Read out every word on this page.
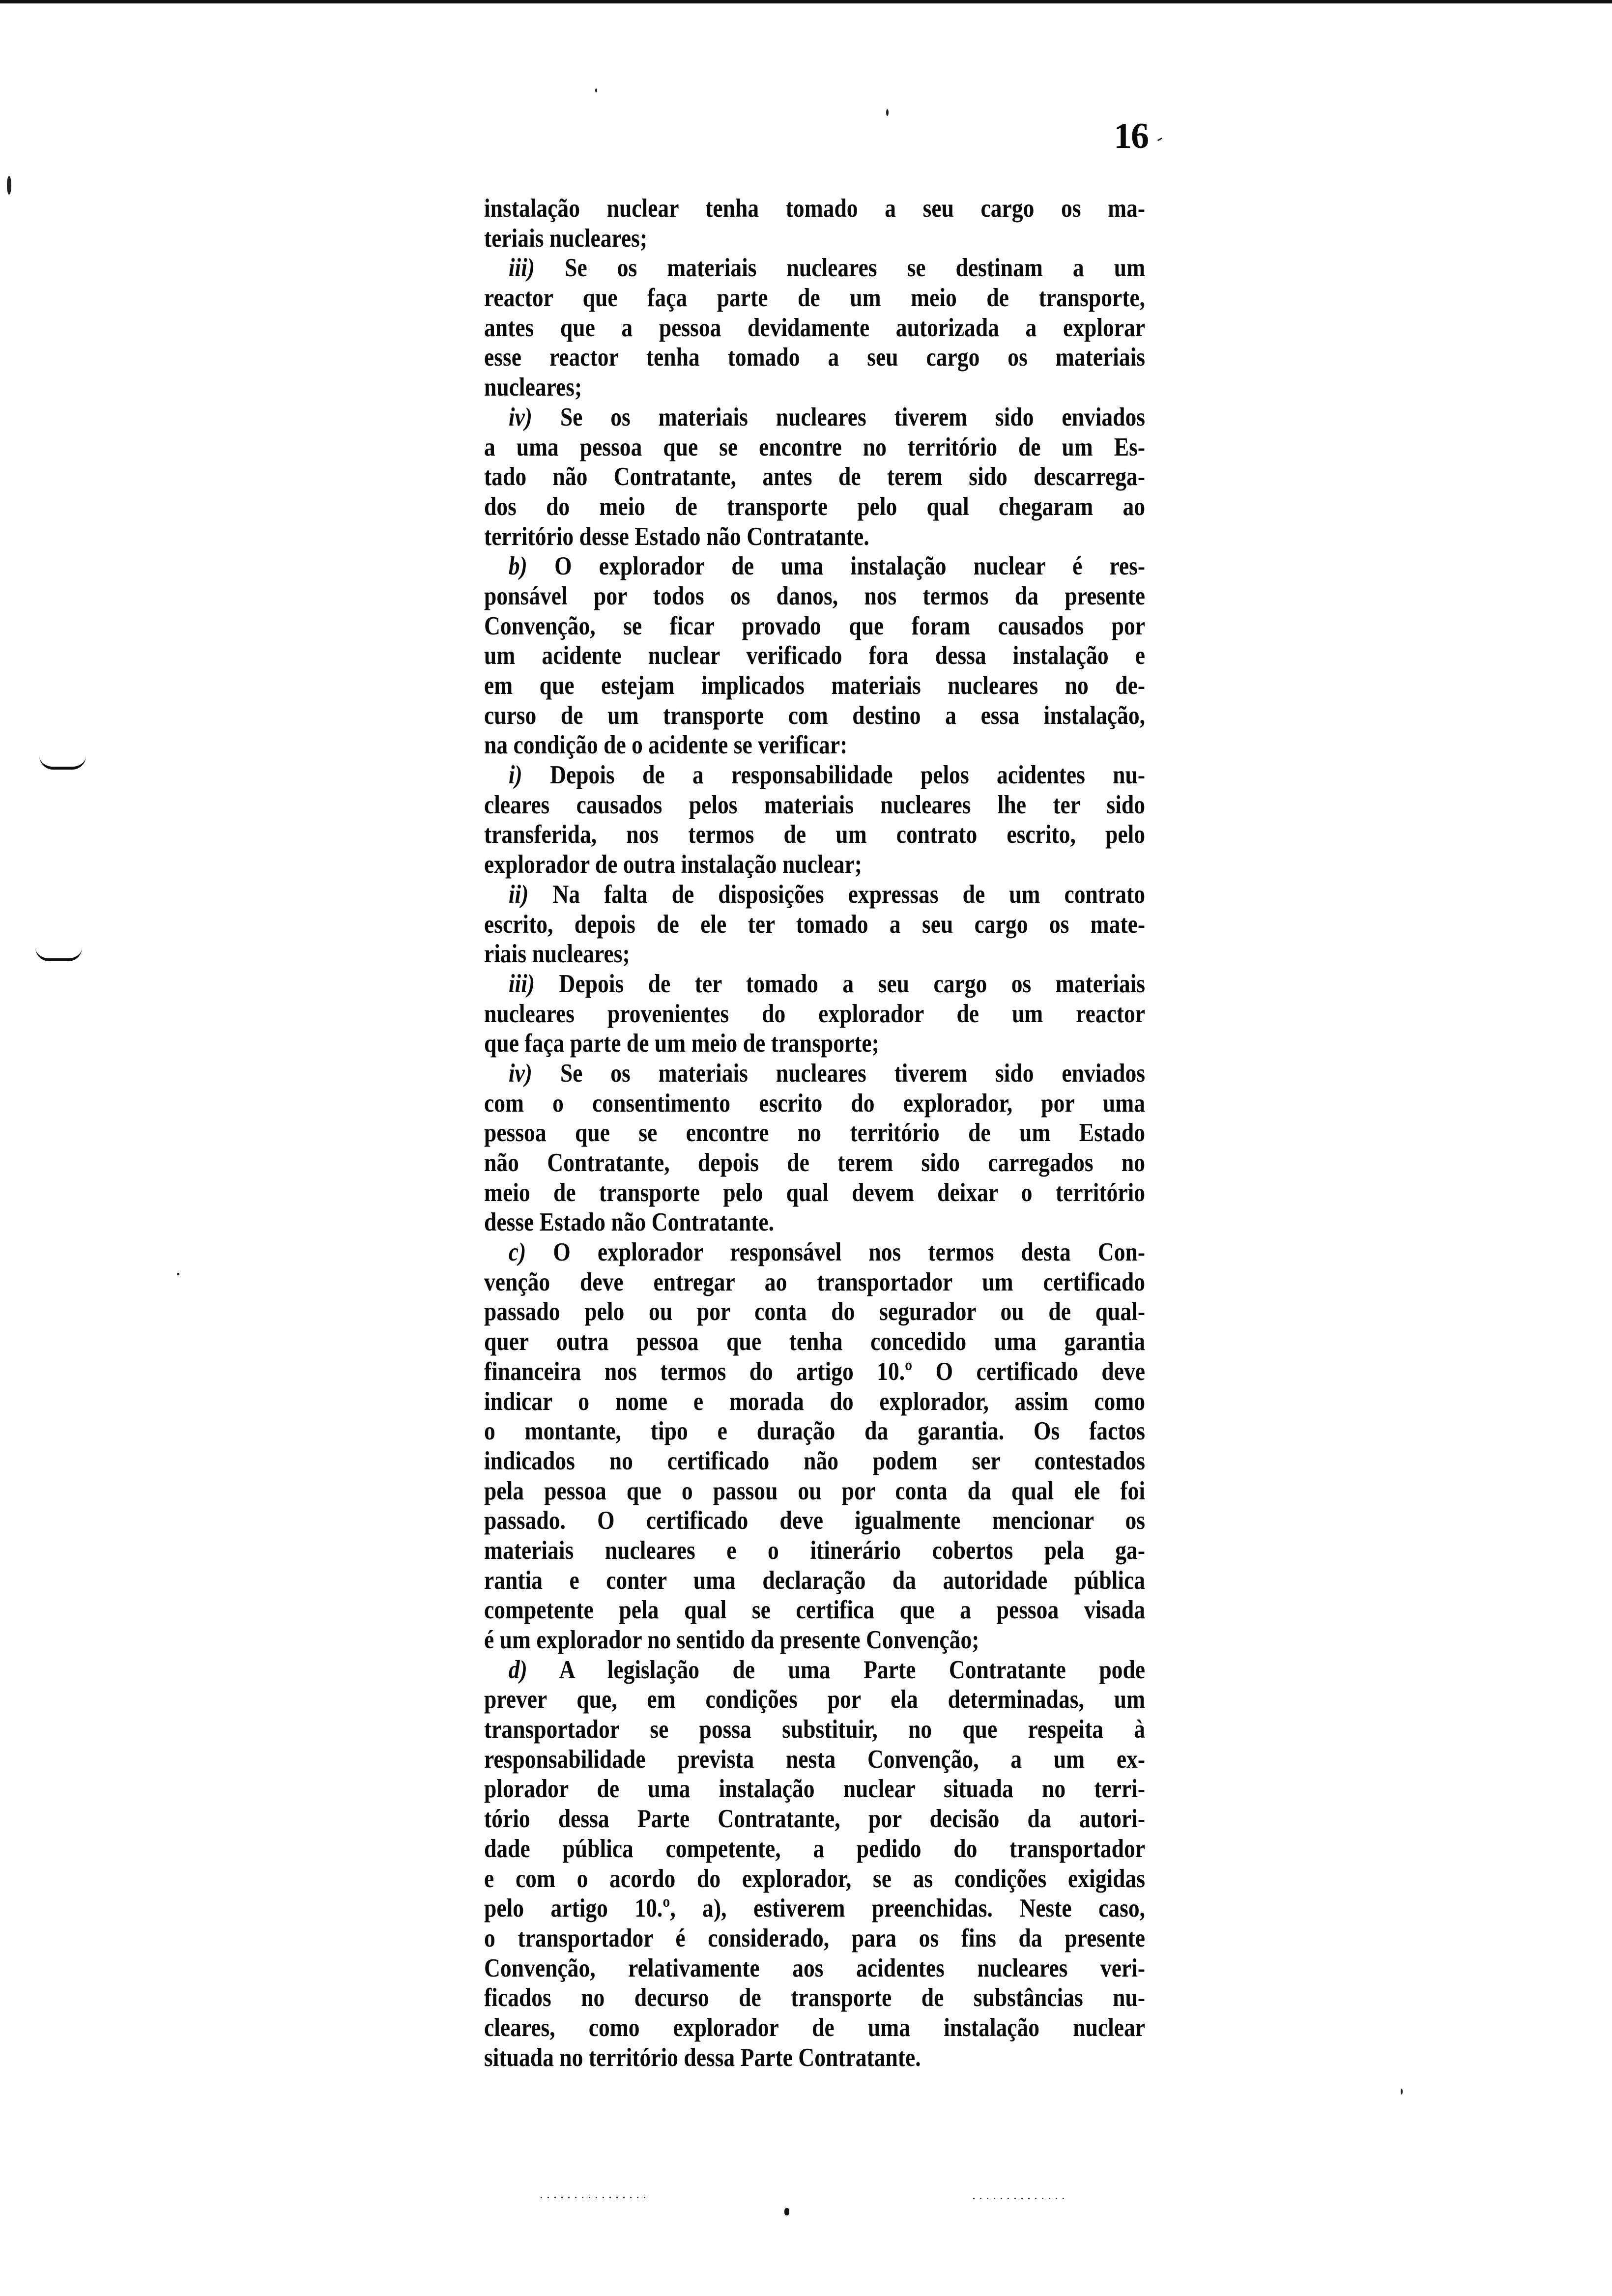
16
instalação nuclear tenha tomado a seu cargo os ma-
teriais nucleares;
iii) Se os materiais nucleares se destinam a um
reactor que faça parte de um meio de transporte,
antes que a pessoa devidamente autorizada a explorar
esse reactor tenha tomado a seu cargo os materiais
nucleares;
iv) Se os materiais nucleares tiverem sido enviados
a uma pessoa que se encontre no território de um Es-
tado não Contratante, antes de terem sido descarrega-
dos do meio de transporte pelo qual chegaram ao
território desse Estado não Contratante.
b) O explorador de uma instalação nuclear é res-
ponsável por todos os danos, nos termos da presente
Convenção, se ficar provado que foram causados por
um acidente nuclear verificado fora dessa instalação e
em que estejam implicados materiais nucleares no de-
curso de um transporte com destino a essa instalação,
na condição de o acidente se verificar:
i) Depois de a responsabilidade pelos acidentes nu-
cleares causados pelos materiais nucleares lhe ter sido
transferida, nos termos de um contrato escrito, pelo
explorador de outra instalação nuclear;
ii) Na falta de disposições expressas de um contrato
escrito, depois de ele ter tomado a seu cargo os mate-
riais nucleares;
iii) Depois de ter tomado a seu cargo os materiais
nucleares provenientes do explorador de um reactor
que faça parte de um meio de transporte;
iv) Se os materiais nucleares tiverem sido enviados
com o consentimento escrito do explorador, por uma
pessoa que se encontre no território de um Estado
não Contratante, depois de terem sido carregados no
meio de transporte pelo qual devem deixar o território
desse Estado não Contratante.
c) O explorador responsável nos termos desta Con-
venção deve entregar ao transportador um certificado
passado pelo ou por conta do segurador ou de qual-
quer outra pessoa que tenha concedido uma garantia
financeira nos termos do artigo 10.º O certificado deve
indicar o nome e morada do explorador, assim como
o montante, tipo e duração da garantia. Os factos
indicados no certificado não podem ser contestados
pela pessoa que o passou ou por conta da qual ele foi
passado. O certificado deve igualmente mencionar os
materiais nucleares e o itinerário cobertos pela ga-
rantia e conter uma declaração da autoridade pública
competente pela qual se certifica que a pessoa visada
é um explorador no sentido da presente Convenção;
d) A legislação de uma Parte Contratante pode
prever que, em condições por ela determinadas, um
transportador se possa substituir, no que respeita à
responsabilidade prevista nesta Convenção, a um ex-
plorador de uma instalação nuclear situada no terri-
tório dessa Parte Contratante, por decisão da autori-
dade pública competente, a pedido do transportador
e com o acordo do explorador, se as condições exigidas
pelo artigo 10.º, a), estiverem preenchidas. Neste caso,
o transportador é considerado, para os fins da presente
Convenção, relativamente aos acidentes nucleares veri-
ficados no decurso de transporte de substâncias nu-
cleares, como explorador de uma instalação nuclear
situada no território dessa Parte Contratante.
